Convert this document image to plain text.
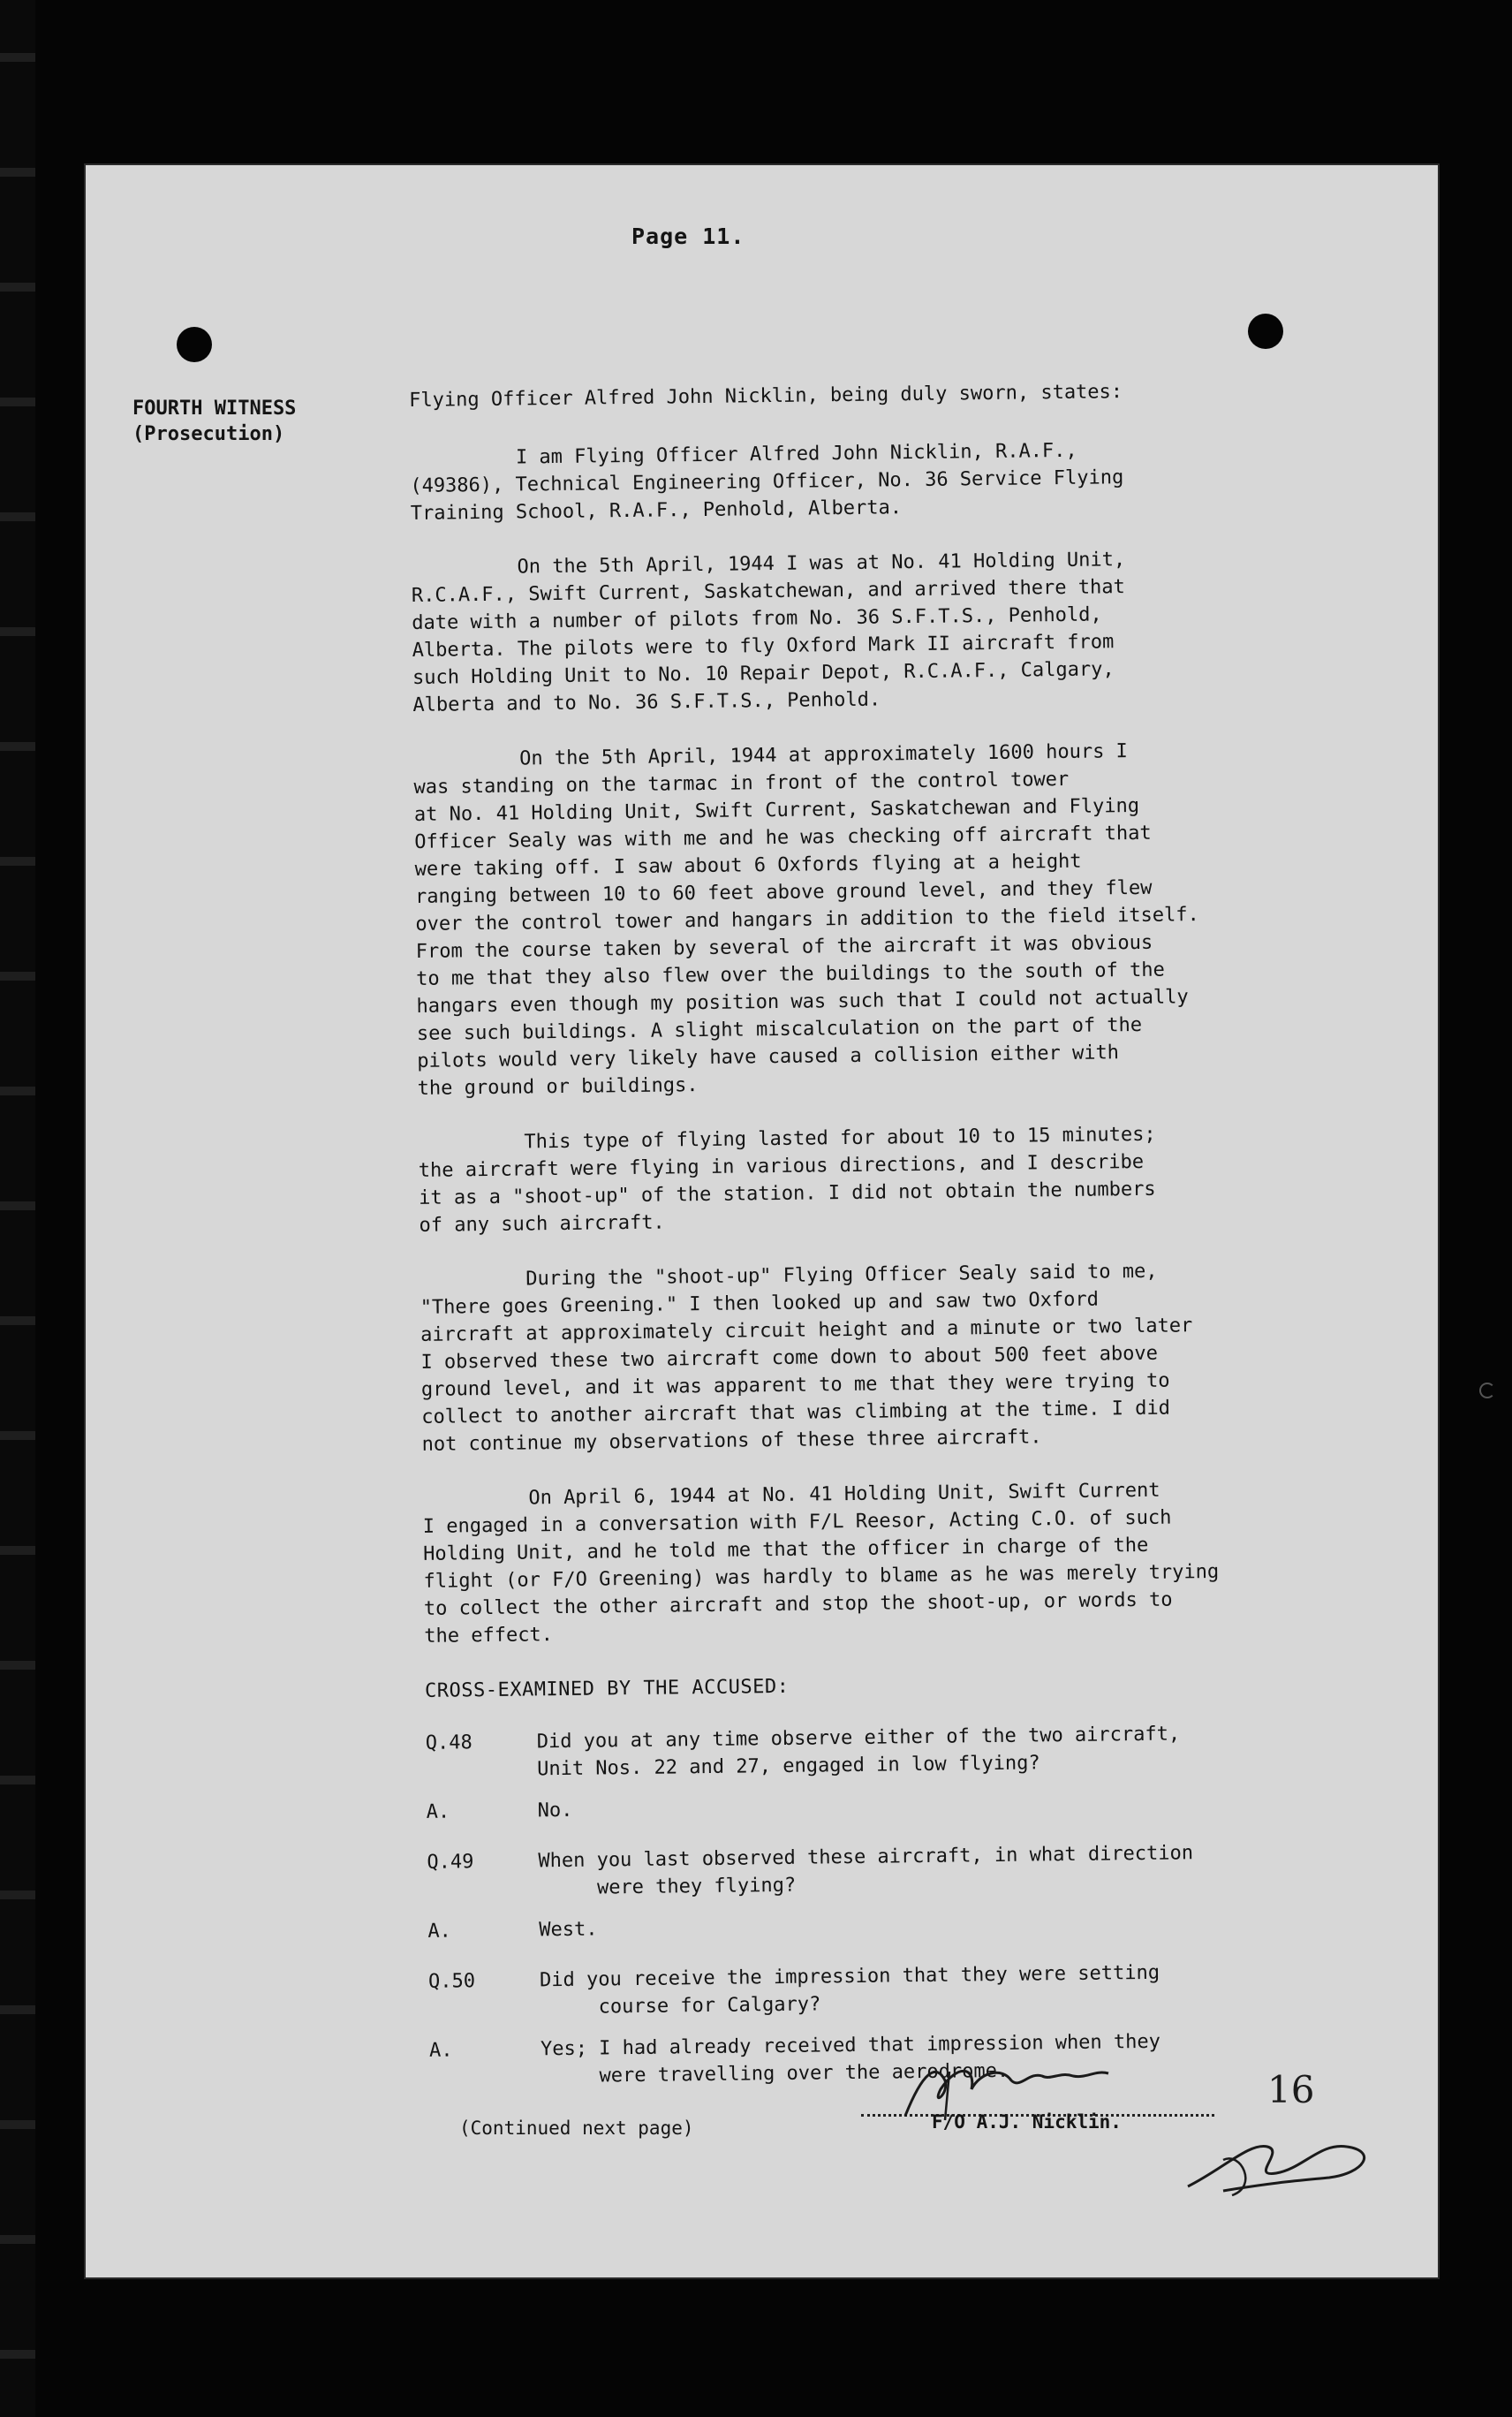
Page 11.
FOURTH WITNESS
(Prosecution)
Flying Officer Alfred John Nicklin, being duly sworn, states:
I am Flying Officer Alfred John Nicklin, R.A.F.,
(49386), Technical Engineering Officer, No. 36 Service Flying
Training School, R.A.F., Penhold, Alberta.
On the 5th April, 1944 I was at No. 41 Holding Unit,
R.C.A.F., Swift Current, Saskatchewan, and arrived there that
date with a number of pilots from No. 36 S.F.T.S., Penhold,
Alberta. The pilots were to fly Oxford Mark II aircraft from
such Holding Unit to No. 10 Repair Depot, R.C.A.F., Calgary,
Alberta and to No. 36 S.F.T.S., Penhold.
On the 5th April, 1944 at approximately 1600 hours I
was standing on the tarmac in front of the control tower
at No. 41 Holding Unit, Swift Current, Saskatchewan and Flying
Officer Sealy was with me and he was checking off aircraft that
were taking off. I saw about 6 Oxfords flying at a height
ranging between 10 to 60 feet above ground level, and they flew
over the control tower and hangars in addition to the field itself.
From the course taken by several of the aircraft it was obvious
to me that they also flew over the buildings to the south of the
hangars even though my position was such that I could not actually
see such buildings. A slight miscalculation on the part of the
pilots would very likely have caused a collision either with
the ground or buildings.
This type of flying lasted for about 10 to 15 minutes;
the aircraft were flying in various directions, and I describe
it as a "shoot-up" of the station. I did not obtain the numbers
of any such aircraft.
During the "shoot-up" Flying Officer Sealy said to me,
"There goes Greening." I then looked up and saw two Oxford
aircraft at approximately circuit height and a minute or two later
I observed these two aircraft come down to about 500 feet above
ground level, and it was apparent to me that they were trying to
collect to another aircraft that was climbing at the time. I did
not continue my observations of these three aircraft.
On April 6, 1944 at No. 41 Holding Unit, Swift Current
I engaged in a conversation with F/L Reesor, Acting C.O. of such
Holding Unit, and he told me that the officer in charge of the
flight (or F/O Greening) was hardly to blame as he was merely trying
to collect the other aircraft and stop the shoot-up, or words to
the effect.
CROSS-EXAMINED BY THE ACCUSED:
Q.48	Did you at any time observe either of the two aircraft,
Unit Nos. 22 and 27, engaged in low flying?
A.	No.
Q.49	When you last observed these aircraft, in what direction
were they flying?
A.	West.
Q.50	Did you receive the impression that they were setting
course for Calgary?
A.	Yes; I had already received that impression when they
were travelling over the aerodrome.
(Continued next page)	F/O A.J. Nicklin.
16
